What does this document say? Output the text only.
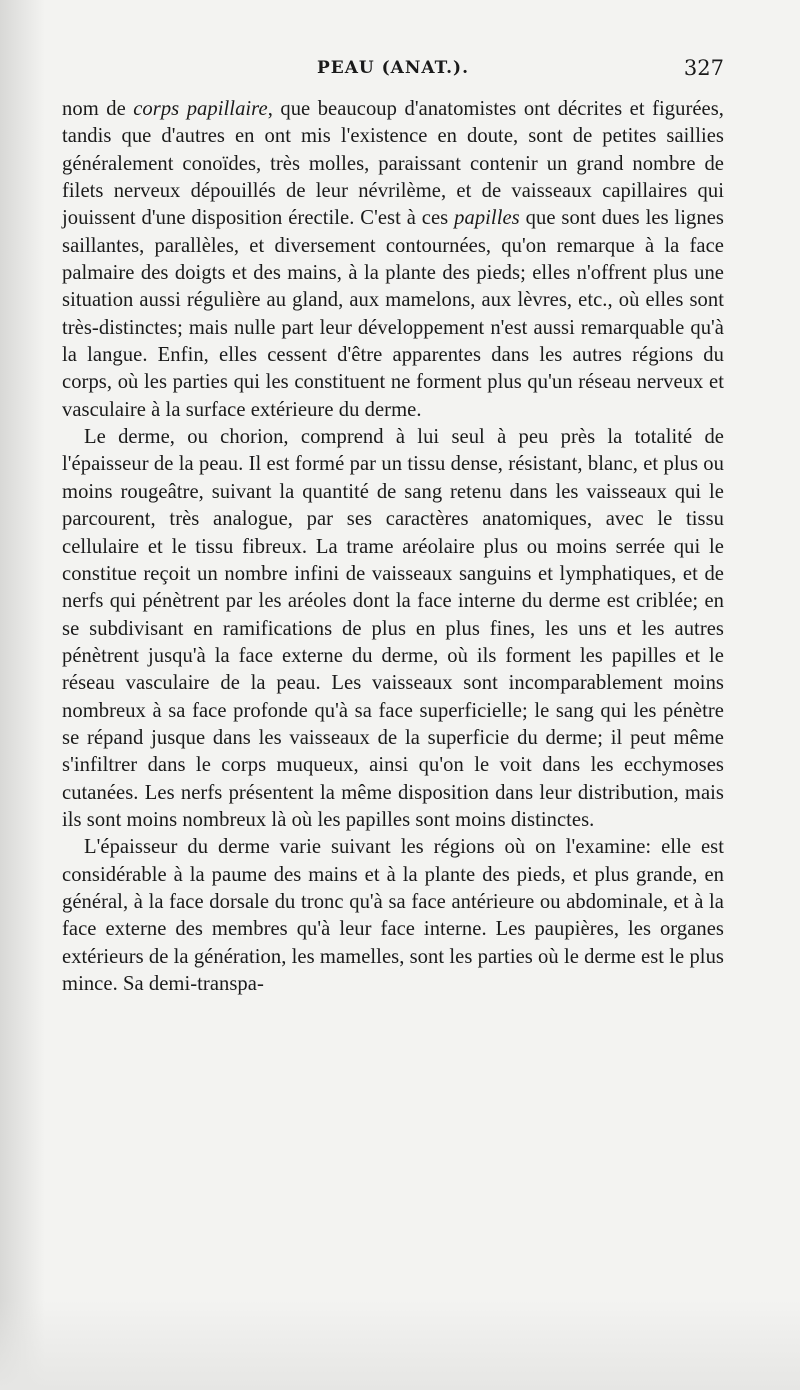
PEAU (ANAT.).	327

nom de corps papillaire, que beaucoup d'anatomistes ont décrites et figurées, tandis que d'autres en ont mis l'existence en doute, sont de petites saillies généralement conoïdes, très molles, paraissant contenir un grand nombre de filets nerveux dépouillés de leur névrilème, et de vaisseaux capillaires qui jouissent d'une disposition érectile. C'est à ces papilles que sont dues les lignes saillantes, parallèles, et diversement contournées, qu'on remarque à la face palmaire des doigts et des mains, à la plante des pieds; elles n'offrent plus une situation aussi régulière au gland, aux mamelons, aux lèvres, etc., où elles sont très-distinctes; mais nulle part leur développement n'est aussi remarquable qu'à la langue. Enfin, elles cessent d'être apparentes dans les autres régions du corps, où les parties qui les constituent ne forment plus qu'un réseau nerveux et vasculaire à la surface extérieure du derme.

Le derme, ou chorion, comprend à lui seul à peu près la totalité de l'épaisseur de la peau. Il est formé par un tissu dense, résistant, blanc, et plus ou moins rougeâtre, suivant la quantité de sang retenu dans les vaisseaux qui le parcourent, très analogue, par ses caractères anatomiques, avec le tissu cellulaire et le tissu fibreux. La trame aréolaire plus ou moins serrée qui le constitue reçoit un nombre infini de vaisseaux sanguins et lymphatiques, et de nerfs qui pénètrent par les aréoles dont la face interne du derme est criblée; en se subdivisant en ramifications de plus en plus fines, les uns et les autres pénètrent jusqu'à la face externe du derme, où ils forment les papilles et le réseau vasculaire de la peau. Les vaisseaux sont incomparablement moins nombreux à sa face profonde qu'à sa face superficielle; le sang qui les pénètre se répand jusque dans les vaisseaux de la superficie du derme; il peut même s'infiltrer dans le corps muqueux, ainsi qu'on le voit dans les ecchymoses cutanées. Les nerfs présentent la même disposition dans leur distribution, mais ils sont moins nombreux là où les papilles sont moins distinctes.

L'épaisseur du derme varie suivant les régions où on l'examine: elle est considérable à la paume des mains et à la plante des pieds, et plus grande, en général, à la face dorsale du tronc qu'à sa face antérieure ou abdominale, et à la face externe des membres qu'à leur face interne. Les paupières, les organes extérieurs de la génération, les mamelles, sont les parties où le derme est le plus mince. Sa demi-transpa-
